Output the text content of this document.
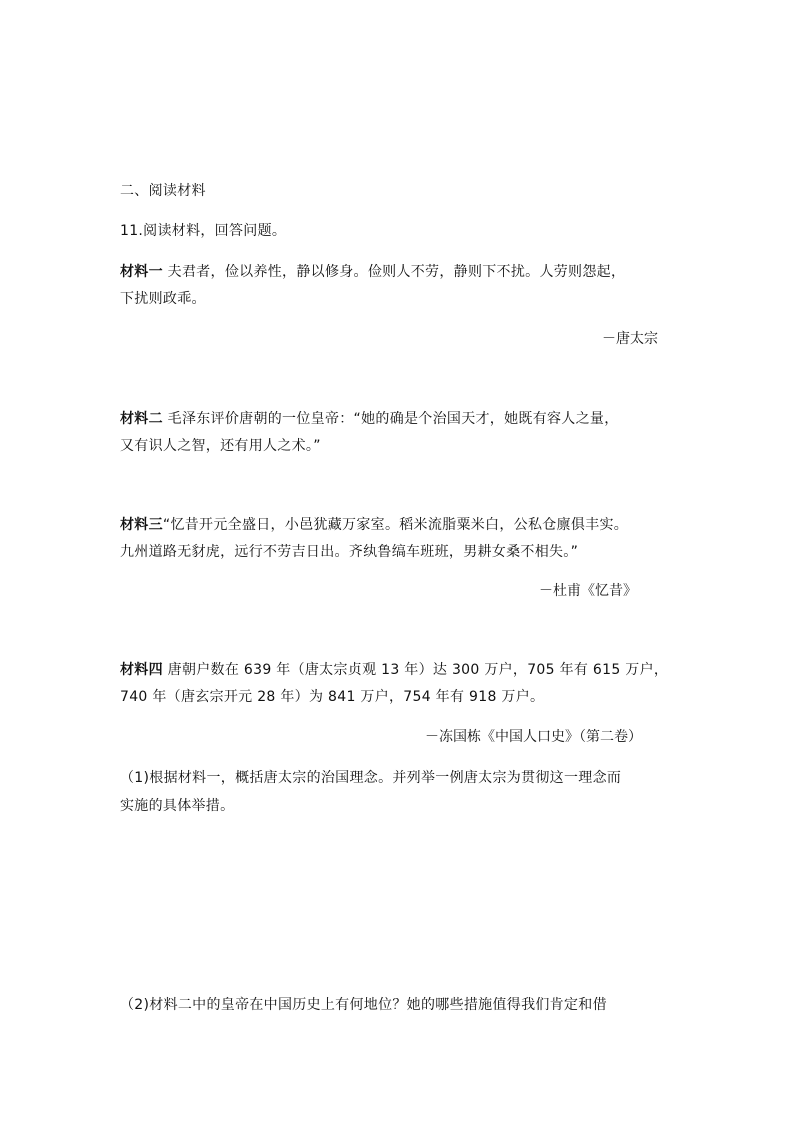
二、阅读材料
11.阅读材料，回答问题。
材料一 夫君者，俭以养性，静以修身。俭则人不劳，静则下不扰。人劳则怨起，
下扰则政乖。
－唐太宗
材料二 毛泽东评价唐朝的一位皇帝：“她的确是个治国天才，她既有容人之量，
又有识人之智，还有用人之术。”
材料三“忆昔开元全盛日，小邑犹藏万家室。稻米流脂粟米白，公私仓廪俱丰实。
九州道路无豺虎，远行不劳吉日出。齐纨鲁缟车班班，男耕女桑不相失。”
－杜甫《忆昔》
材料四 唐朝户数在 639 年（唐太宗贞观 13 年）达 300 万户，705 年有 615 万户，
740 年（唐玄宗开元 28 年）为 841 万户，754 年有 918 万户。
－冻国栋《中国人口史》（第二卷）
（1)根据材料一，概括唐太宗的治国理念。并列举一例唐太宗为贯彻这一理念而
实施的具体举措。
（2)材料二中的皇帝在中国历史上有何地位？她的哪些措施值得我们肯定和借
